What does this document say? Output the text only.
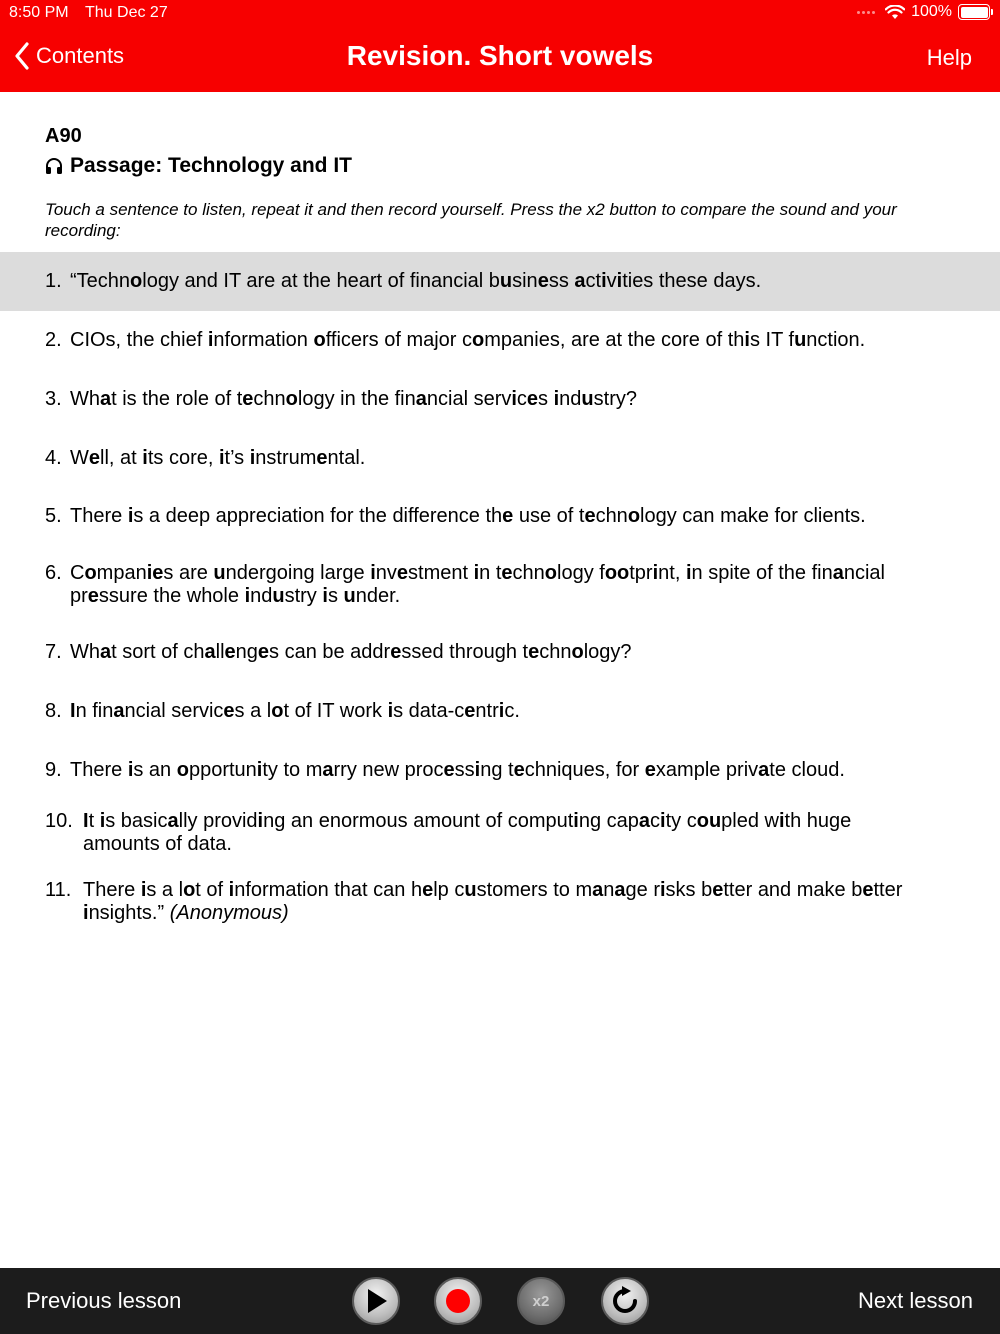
8:50 PM Thu Dec 27	100%
Contents	Revision. Short vowels	Help
A90
Passage: Technology and IT
Touch a sentence to listen, repeat it and then record yourself. Press the x2 button to compare the sound and your recording:
1. “Technology and IT are at the heart of financial business activities these days.
2. CIOs, the chief information officers of major companies, are at the core of this IT function.
3. What is the role of technology in the financial services industry?
4. Well, at its core, it’s instrumental.
5. There is a deep appreciation for the difference the use of technology can make for clients.
6. Companies are undergoing large investment in technology footprint, in spite of the financial
pressure the whole industry is under.
7. What sort of challenges can be addressed through technology?
8. In financial services a lot of IT work is data-centric.
9. There is an opportunity to marry new processing techniques, for example private cloud.
10. It is basically providing an enormous amount of computing capacity coupled with huge
amounts of data.
11. There is a lot of information that can help customers to manage risks better and make better
insights.” (Anonymous)
Previous lesson	x2	Next lesson
